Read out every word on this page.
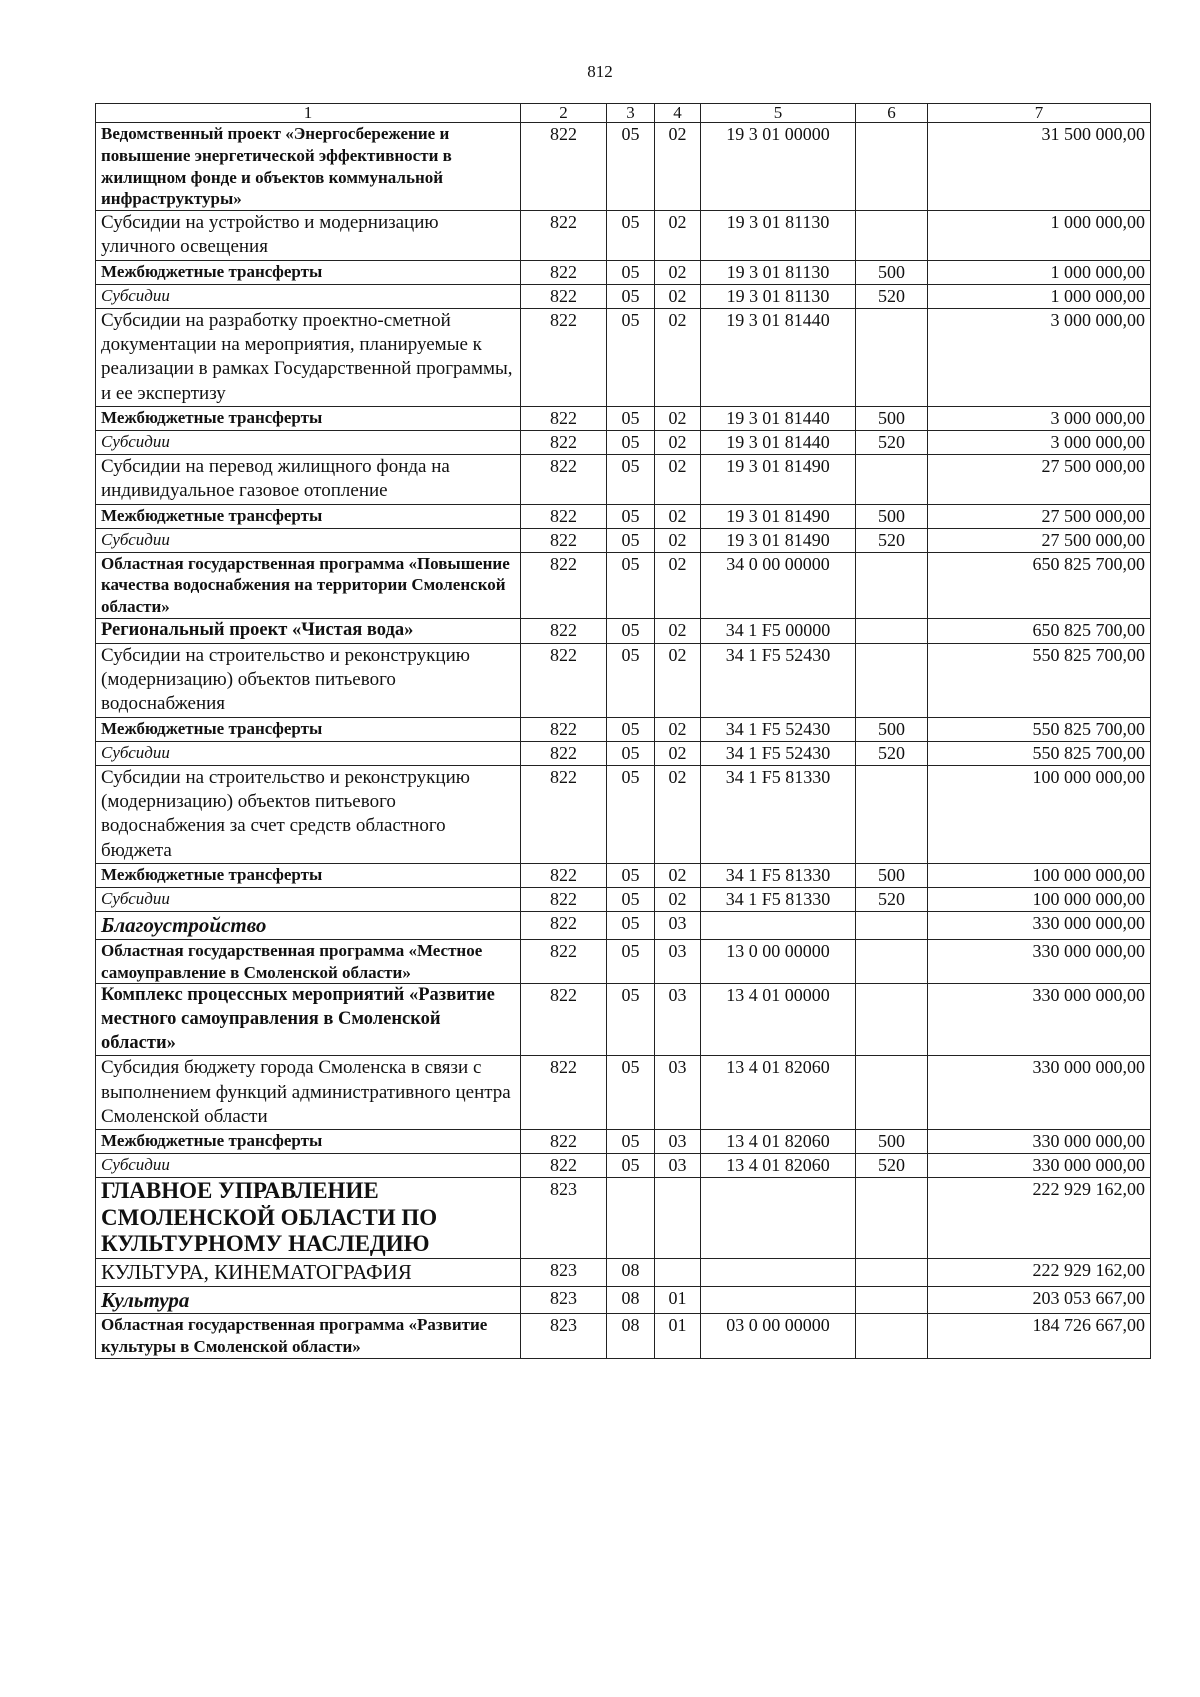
812
1	2	3	4	5	6	7
Ведомственный проект «Энергосбережение и повышение энергетической эффективности в жилищном фонде и объектов коммунальной инфраструктуры»	822	05	02	19 3 01 00000		31 500 000,00
Субсидии на устройство и модернизацию уличного освещения	822	05	02	19 3 01 81130		1 000 000,00
Межбюджетные трансферты	822	05	02	19 3 01 81130	500	1 000 000,00
Субсидии	822	05	02	19 3 01 81130	520	1 000 000,00
Субсидии на разработку проектно-сметной документации на мероприятия, планируемые к реализации в рамках Государственной программы, и ее экспертизу	822	05	02	19 3 01 81440		3 000 000,00
Межбюджетные трансферты	822	05	02	19 3 01 81440	500	3 000 000,00
Субсидии	822	05	02	19 3 01 81440	520	3 000 000,00
Субсидии на перевод жилищного фонда на индивидуальное газовое отопление	822	05	02	19 3 01 81490		27 500 000,00
Межбюджетные трансферты	822	05	02	19 3 01 81490	500	27 500 000,00
Субсидии	822	05	02	19 3 01 81490	520	27 500 000,00
Областная государственная программа «Повышение качества водоснабжения на территории Смоленской области»	822	05	02	34 0 00 00000		650 825 700,00
Региональный проект «Чистая вода»	822	05	02	34 1 F5 00000		650 825 700,00
Субсидии на строительство и реконструкцию (модернизацию) объектов питьевого водоснабжения	822	05	02	34 1 F5 52430		550 825 700,00
Межбюджетные трансферты	822	05	02	34 1 F5 52430	500	550 825 700,00
Субсидии	822	05	02	34 1 F5 52430	520	550 825 700,00
Субсидии на строительство и реконструкцию (модернизацию) объектов питьевого водоснабжения за счет средств областного бюджета	822	05	02	34 1 F5 81330		100 000 000,00
Межбюджетные трансферты	822	05	02	34 1 F5 81330	500	100 000 000,00
Субсидии	822	05	02	34 1 F5 81330	520	100 000 000,00
Благоустройство	822	05	03			330 000 000,00
Областная государственная программа «Местное самоуправление в Смоленской области»	822	05	03	13 0 00 00000		330 000 000,00
Комплекс процессных мероприятий «Развитие местного самоуправления в Смоленской области»	822	05	03	13 4 01 00000		330 000 000,00
Субсидия бюджету города Смоленска в связи с выполнением функций административного центра Смоленской области	822	05	03	13 4 01 82060		330 000 000,00
Межбюджетные трансферты	822	05	03	13 4 01 82060	500	330 000 000,00
Субсидии	822	05	03	13 4 01 82060	520	330 000 000,00
ГЛАВНОЕ УПРАВЛЕНИЕ СМОЛЕНСКОЙ ОБЛАСТИ ПО КУЛЬТУРНОМУ НАСЛЕДИЮ	823					222 929 162,00
КУЛЬТУРА, КИНЕМАТОГРАФИЯ	823	08				222 929 162,00
Культура	823	08	01			203 053 667,00
Областная государственная программа «Развитие культуры в Смоленской области»	823	08	01	03 0 00 00000		184 726 667,00
